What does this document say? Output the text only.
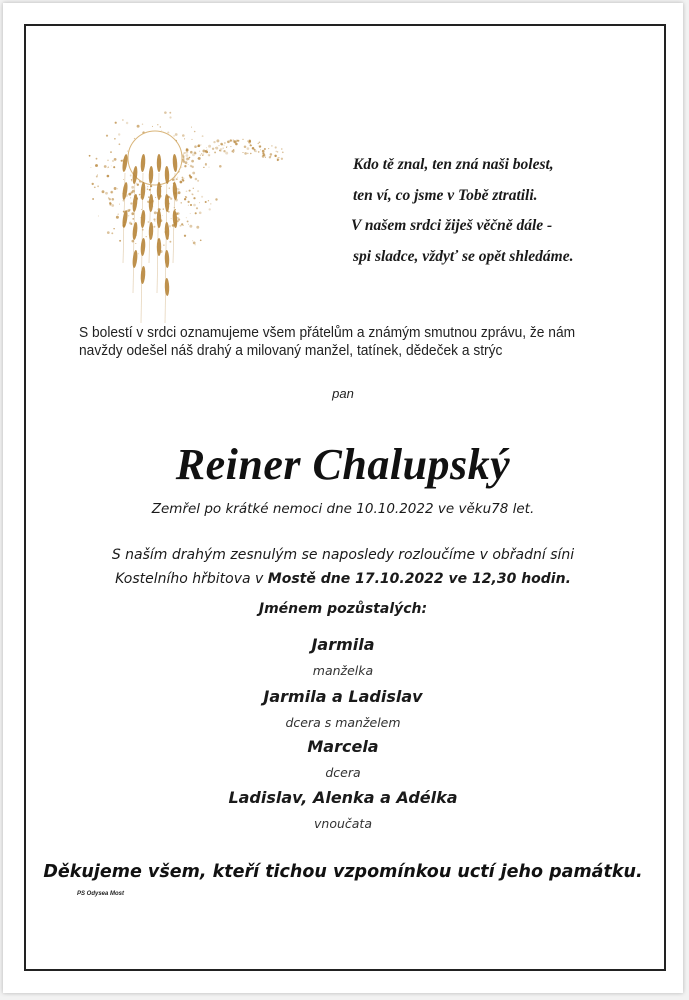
Kdo tě znal, ten zná naši bolest,
ten ví, co jsme v Tobě ztratili.
V našem srdci žiješ věčně dále -
spi sladce, vždyť se opět shledáme.
S bolestí v srdci oznamujeme všem přátelům a známým smutnou zprávu, že nám
navždy odešel náš drahý a milovaný manžel, tatínek, dědeček a strýc
pan
Reiner Chalupský
Zemřel po krátké nemoci dne 10.10.2022 ve věku78 let.
S naším drahým zesnulým se naposledy rozloučíme v obřadní síni
Kostelního hřbitova v Mostě dne 17.10.2022 ve 12,30 hodin.
Jménem pozůstalých:
Jarmila
manželka
Jarmila a Ladislav
dcera s manželem
Marcela
dcera
Ladislav, Alenka a Adélka
vnoučata
Děkujeme všem, kteří tichou vzpomínkou uctí jeho památku.
PS Odysea Most
